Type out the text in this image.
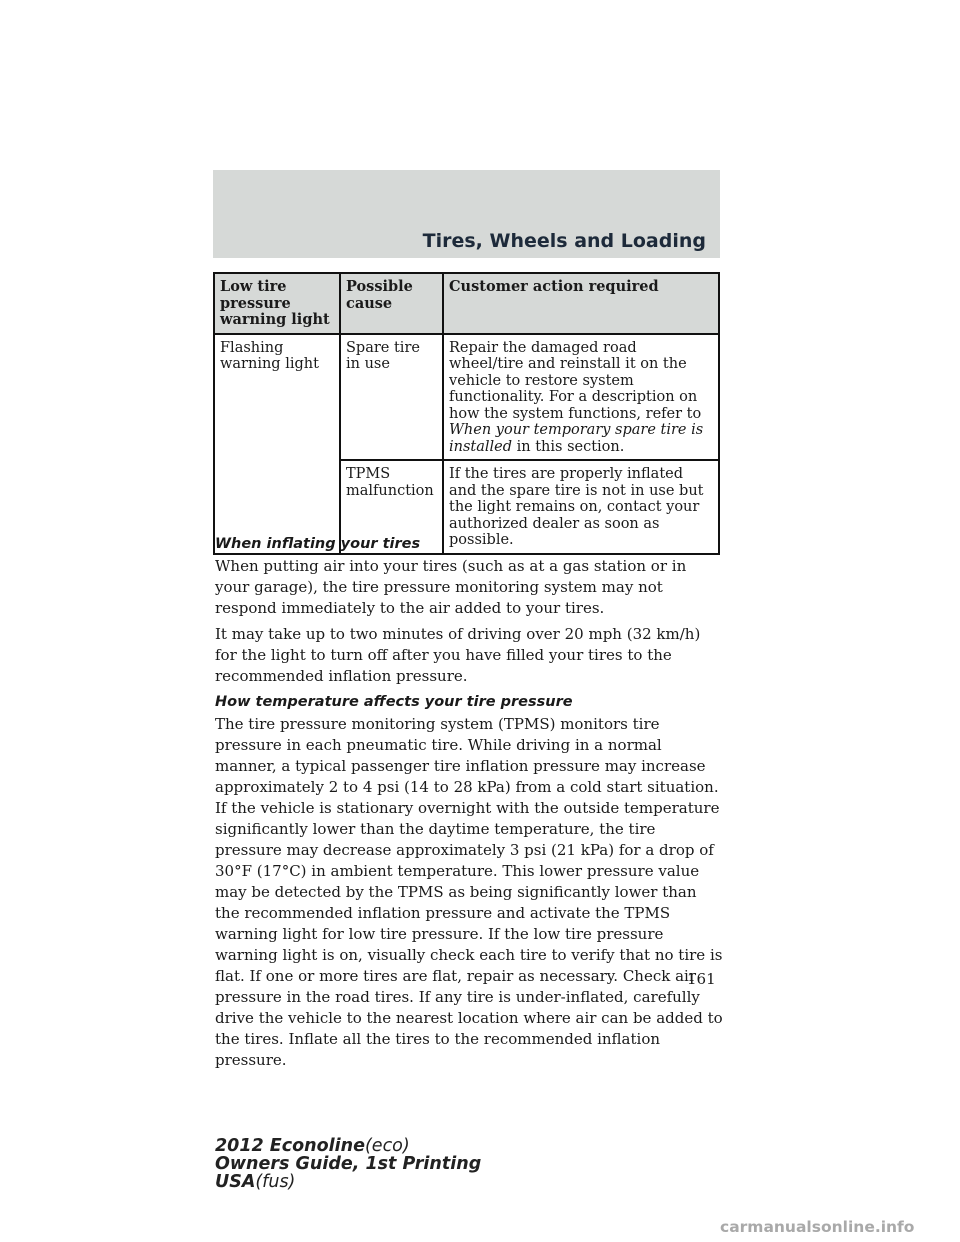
Tires, Wheels and Loading
Low tire pressure warning light	Possible cause	Customer action required
Flashing warning light	Spare tire in use	Repair the damaged road wheel/tire and reinstall it on the vehicle to restore system functionality. For a description on how the system functions, refer to When your temporary spare tire is installed in this section.
	TPMS malfunction	If the tires are properly inflated and the spare tire is not in use but the light remains on, contact your authorized dealer as soon as possible.
When inflating your tires

When putting air into your tires (such as at a gas station or in your garage), the tire pressure monitoring system may not respond immediately to the air added to your tires.

It may take up to two minutes of driving over 20 mph (32 km/h) for the light to turn off after you have filled your tires to the recommended inflation pressure.

How temperature affects your tire pressure

The tire pressure monitoring system (TPMS) monitors tire pressure in each pneumatic tire. While driving in a normal manner, a typical passenger tire inflation pressure may increase approximately 2 to 4 psi (14 to 28 kPa) from a cold start situation. If the vehicle is stationary overnight with the outside temperature significantly lower than the daytime temperature, the tire pressure may decrease approximately 3 psi (21 kPa) for a drop of 30°F (17°C) in ambient temperature. This lower pressure value may be detected by the TPMS as being significantly lower than the recommended inflation pressure and activate the TPMS warning light for low tire pressure. If the low tire pressure warning light is on, visually check each tire to verify that no tire is flat. If one or more tires are flat, repair as necessary. Check air pressure in the road tires. If any tire is under-inflated, carefully drive the vehicle to the nearest location where air can be added to the tires. Inflate all the tires to the recommended inflation pressure.

161
2012 Econoline(eco)
Owners Guide, 1st Printing
USA(fus)
carmanualsonline.info
